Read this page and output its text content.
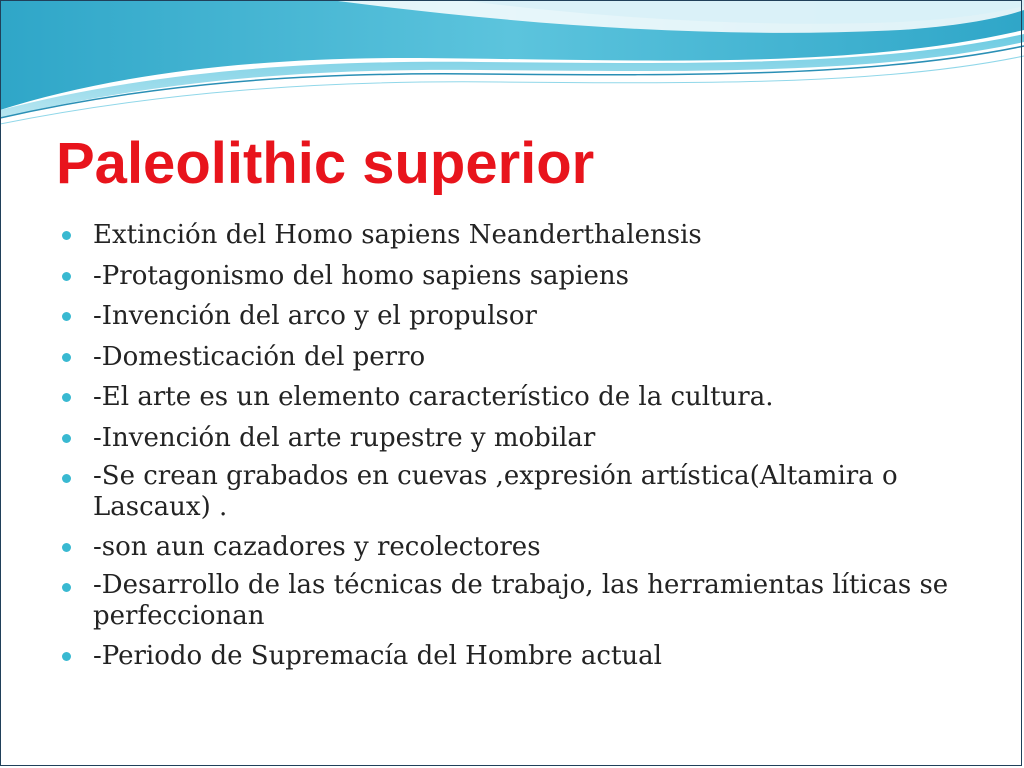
Paleolithic superior
Extinción del Homo sapiens Neanderthalensis
-Protagonismo del homo sapiens sapiens
-Invención del arco y el propulsor
-Domesticación del perro
-El arte es un elemento característico de la cultura.
-Invención del arte rupestre y mobilar
-Se crean grabados en cuevas ,expresión artística(Altamira o Lascaux) .
-son aun cazadores y recolectores
-Desarrollo de las técnicas de trabajo, las herramientas líticas se perfeccionan
-Periodo de Supremacía del Hombre actual
